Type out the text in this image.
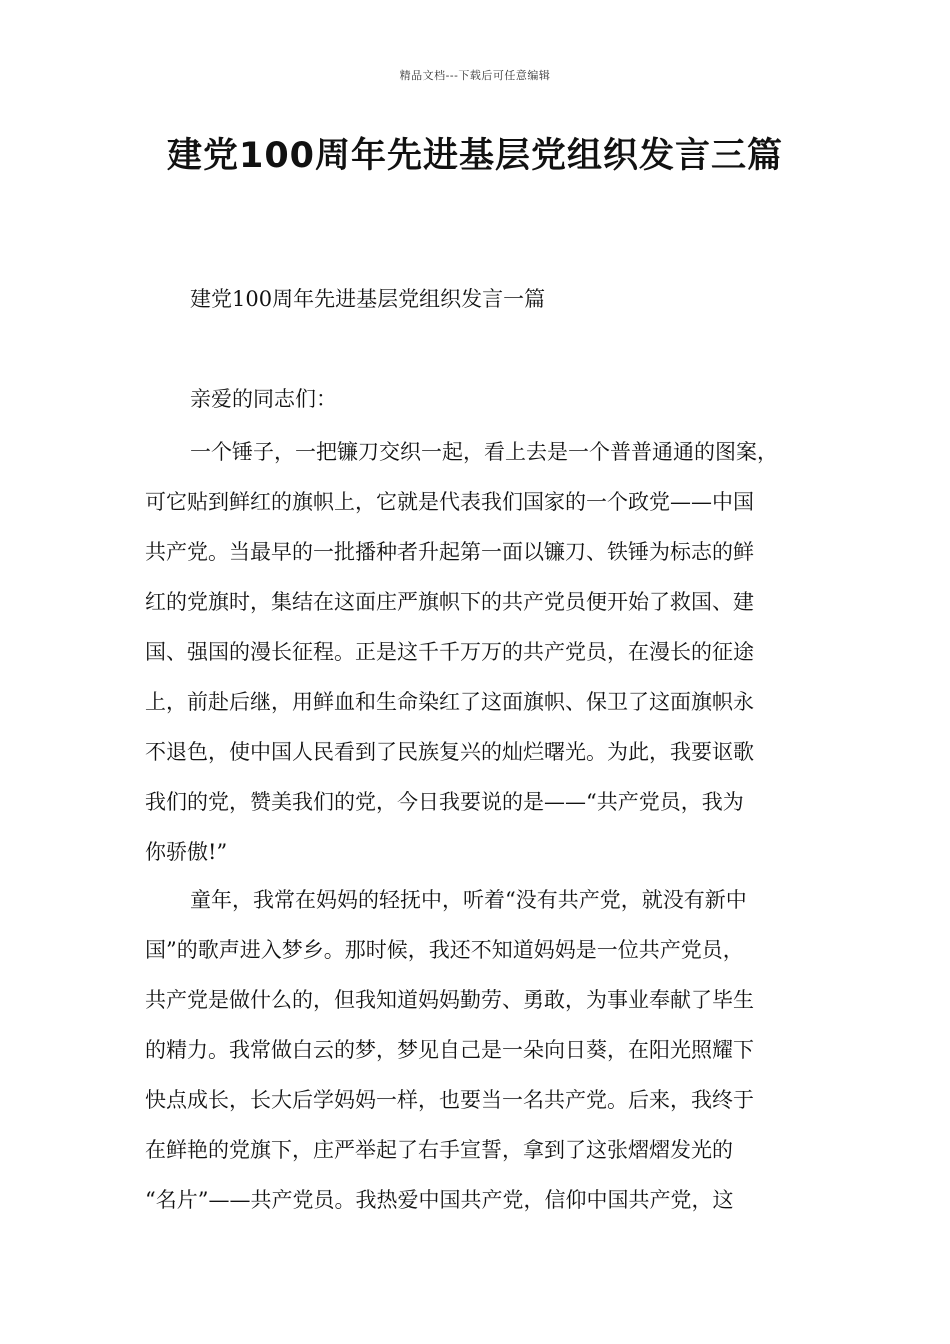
精品文档---下载后可任意编辑
建党100周年先进基层党组织发言三篇
建党100周年先进基层党组织发言一篇
亲爱的同志们：
一个锤子，一把镰刀交织一起，看上去是一个普普通通的图案，
可它贴到鲜红的旗帜上，它就是代表我们国家的一个政党——中国
共产党。当最早的一批播种者升起第一面以镰刀、铁锤为标志的鲜
红的党旗时，集结在这面庄严旗帜下的共产党员便开始了救国、建
国、强国的漫长征程。正是这千千万万的共产党员，在漫长的征途
上，前赴后继，用鲜血和生命染红了这面旗帜、保卫了这面旗帜永
不退色，使中国人民看到了民族复兴的灿烂曙光。为此，我要讴歌
我们的党，赞美我们的党，今日我要说的是——“共产党员，我为
你骄傲!”
童年，我常在妈妈的轻抚中，听着“没有共产党，就没有新中
国”的歌声进入梦乡。那时候，我还不知道妈妈是一位共产党员，
共产党是做什么的，但我知道妈妈勤劳、勇敢，为事业奉献了毕生
的精力。我常做白云的梦，梦见自己是一朵向日葵，在阳光照耀下
快点成长，长大后学妈妈一样，也要当一名共产党。后来，我终于
在鲜艳的党旗下，庄严举起了右手宣誓，拿到了这张熠熠发光的
“名片”——共产党员。我热爱中国共产党，信仰中国共产党，这
